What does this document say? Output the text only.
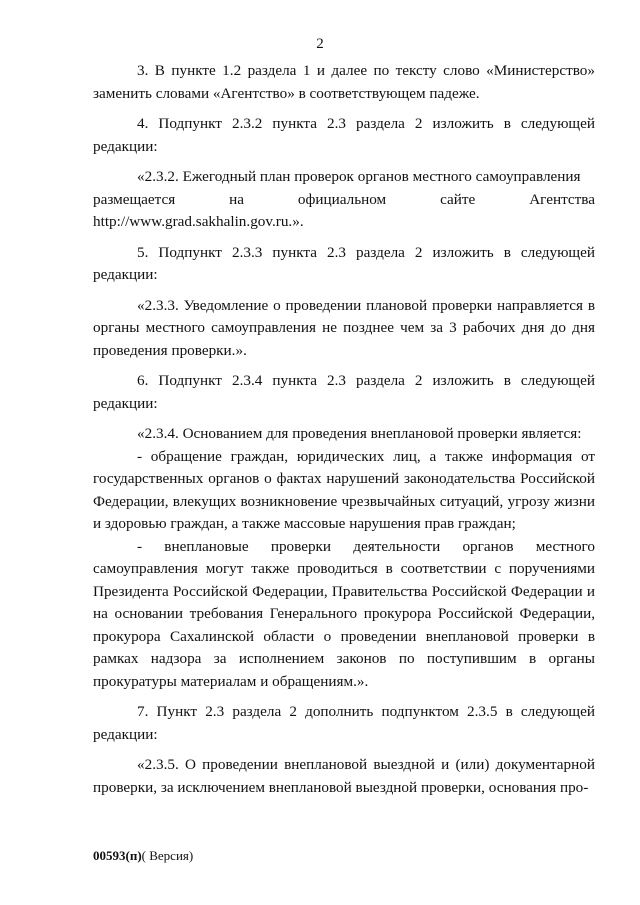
2

3. В пункте 1.2 раздела 1 и далее по тексту слово «Министерство» заменить словами «Агентство» в соответствующем падеже.

4. Подпункт 2.3.2 пункта 2.3 раздела 2 изложить в следующей редакции:

«2.3.2. Ежегодный план проверок органов местного самоуправления
размещается	на	официальном	сайте	Агентства
http://www.grad.sakhalin.gov.ru.».

5. Подпункт 2.3.3 пункта 2.3 раздела 2 изложить в следующей редакции:

«2.3.3. Уведомление о проведении плановой проверки направляется в органы местного самоуправления не позднее чем за 3 рабочих дня до дня проведения проверки.».

6. Подпункт 2.3.4 пункта 2.3 раздела 2 изложить в следующей редакции:

«2.3.4. Основанием для проведения внеплановой проверки является:

- обращение граждан, юридических лиц, а также информация от государственных органов о фактах нарушений законодательства Российской Федерации, влекущих возникновение чрезвычайных ситуаций, угрозу жизни и здоровью граждан, а также массовые нарушения прав граждан;

- внеплановые проверки деятельности органов местного самоуправления могут также проводиться в соответствии с поручениями Президента Российской Федерации, Правительства Российской Федерации и на основании требования Генерального прокурора Российской Федерации, прокурора Сахалинской области о проведении внеплановой проверки в рамках надзора за исполнением законов по поступившим в органы прокуратуры материалам и обращениям.».

7. Пункт 2.3 раздела 2 дополнить подпунктом 2.3.5 в следующей редакции:

«2.3.5. О проведении внеплановой выездной и (или) документарной проверки, за исключением внеплановой выездной проверки, основания про-

00593(п)( Версия)
